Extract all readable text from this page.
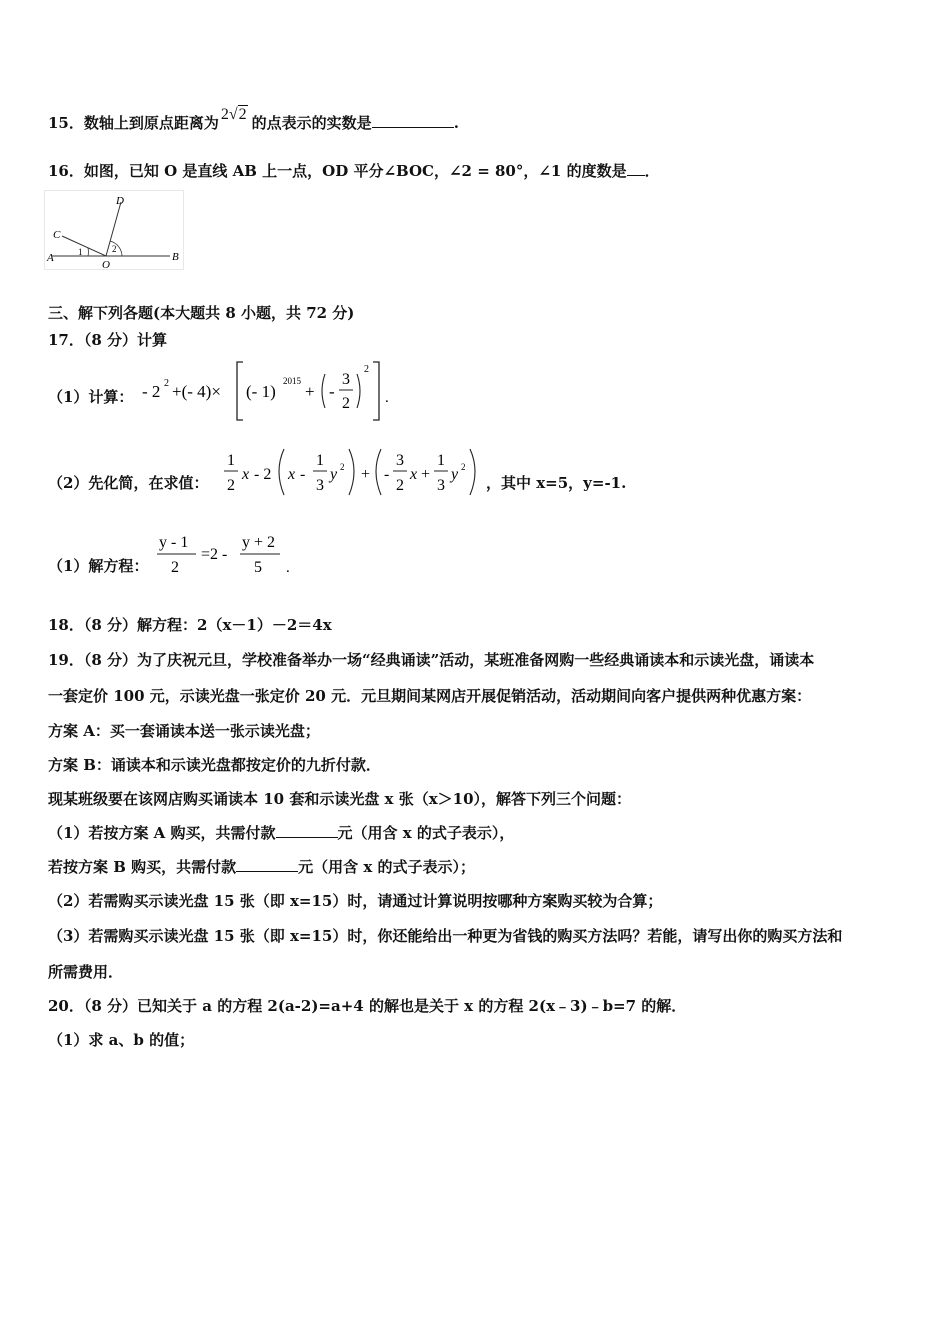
15．数轴上到原点距离为 2√2 的点表示的实数是	.
16．如图，已知 O 是直线 AB 上一点，OD 平分∠BOC，∠2 = 80°，∠1 的度数是 ．
D
C
A	1	2
O
B
三、解下列各题(本大题共 8 小题，共 72 分)
17．（8 分）计算
（1）计算： - 2 2 +(- 4)× (- 1)
2015
+ -
3
2
2
.
（2）先化简，在求值：
1
2
x - 2 x -
1
3
y 2 + -
3
2
x +
1
3
y 2
，其中 x=5，y=-1.
（1）解方程：
y - 1
2
=2 -
y + 2
5 .
18．（8 分）解方程：2（x－1）－2＝4x
19．（8 分）为了庆祝元旦，学校准备举办一场“经典诵读”活动，某班准备网购一些经典诵读本和示读光盘，诵读本
一套定价 100 元，示读光盘一张定价 20 元．元旦期间某网店开展促销活动，活动期间向客户提供两种优惠方案：
方案 A：买一套诵读本送一张示读光盘；
方案 B：诵读本和示读光盘都按定价的九折付款．
现某班级要在该网店购买诵读本 10 套和示读光盘 x 张（x＞10），解答下列三个问题：
（1）若按方案 A 购买，共需付款	元（用含 x 的式子表示），
若按方案 B 购买，共需付款	元（用含 x 的式子表示）；
（2）若需购买示读光盘 15 张（即 x=15）时，请通过计算说明按哪种方案购买较为合算；
（3）若需购买示读光盘 15 张（即 x=15）时，你还能给出一种更为省钱的购买方法吗？若能，请写出你的购买方法和
所需费用．
20．（8 分）已知关于 a 的方程 2(a-2)=a+4 的解也是关于 x 的方程 2(x﹣3)﹣b=7 的解．
（1）求 a、b 的值；
